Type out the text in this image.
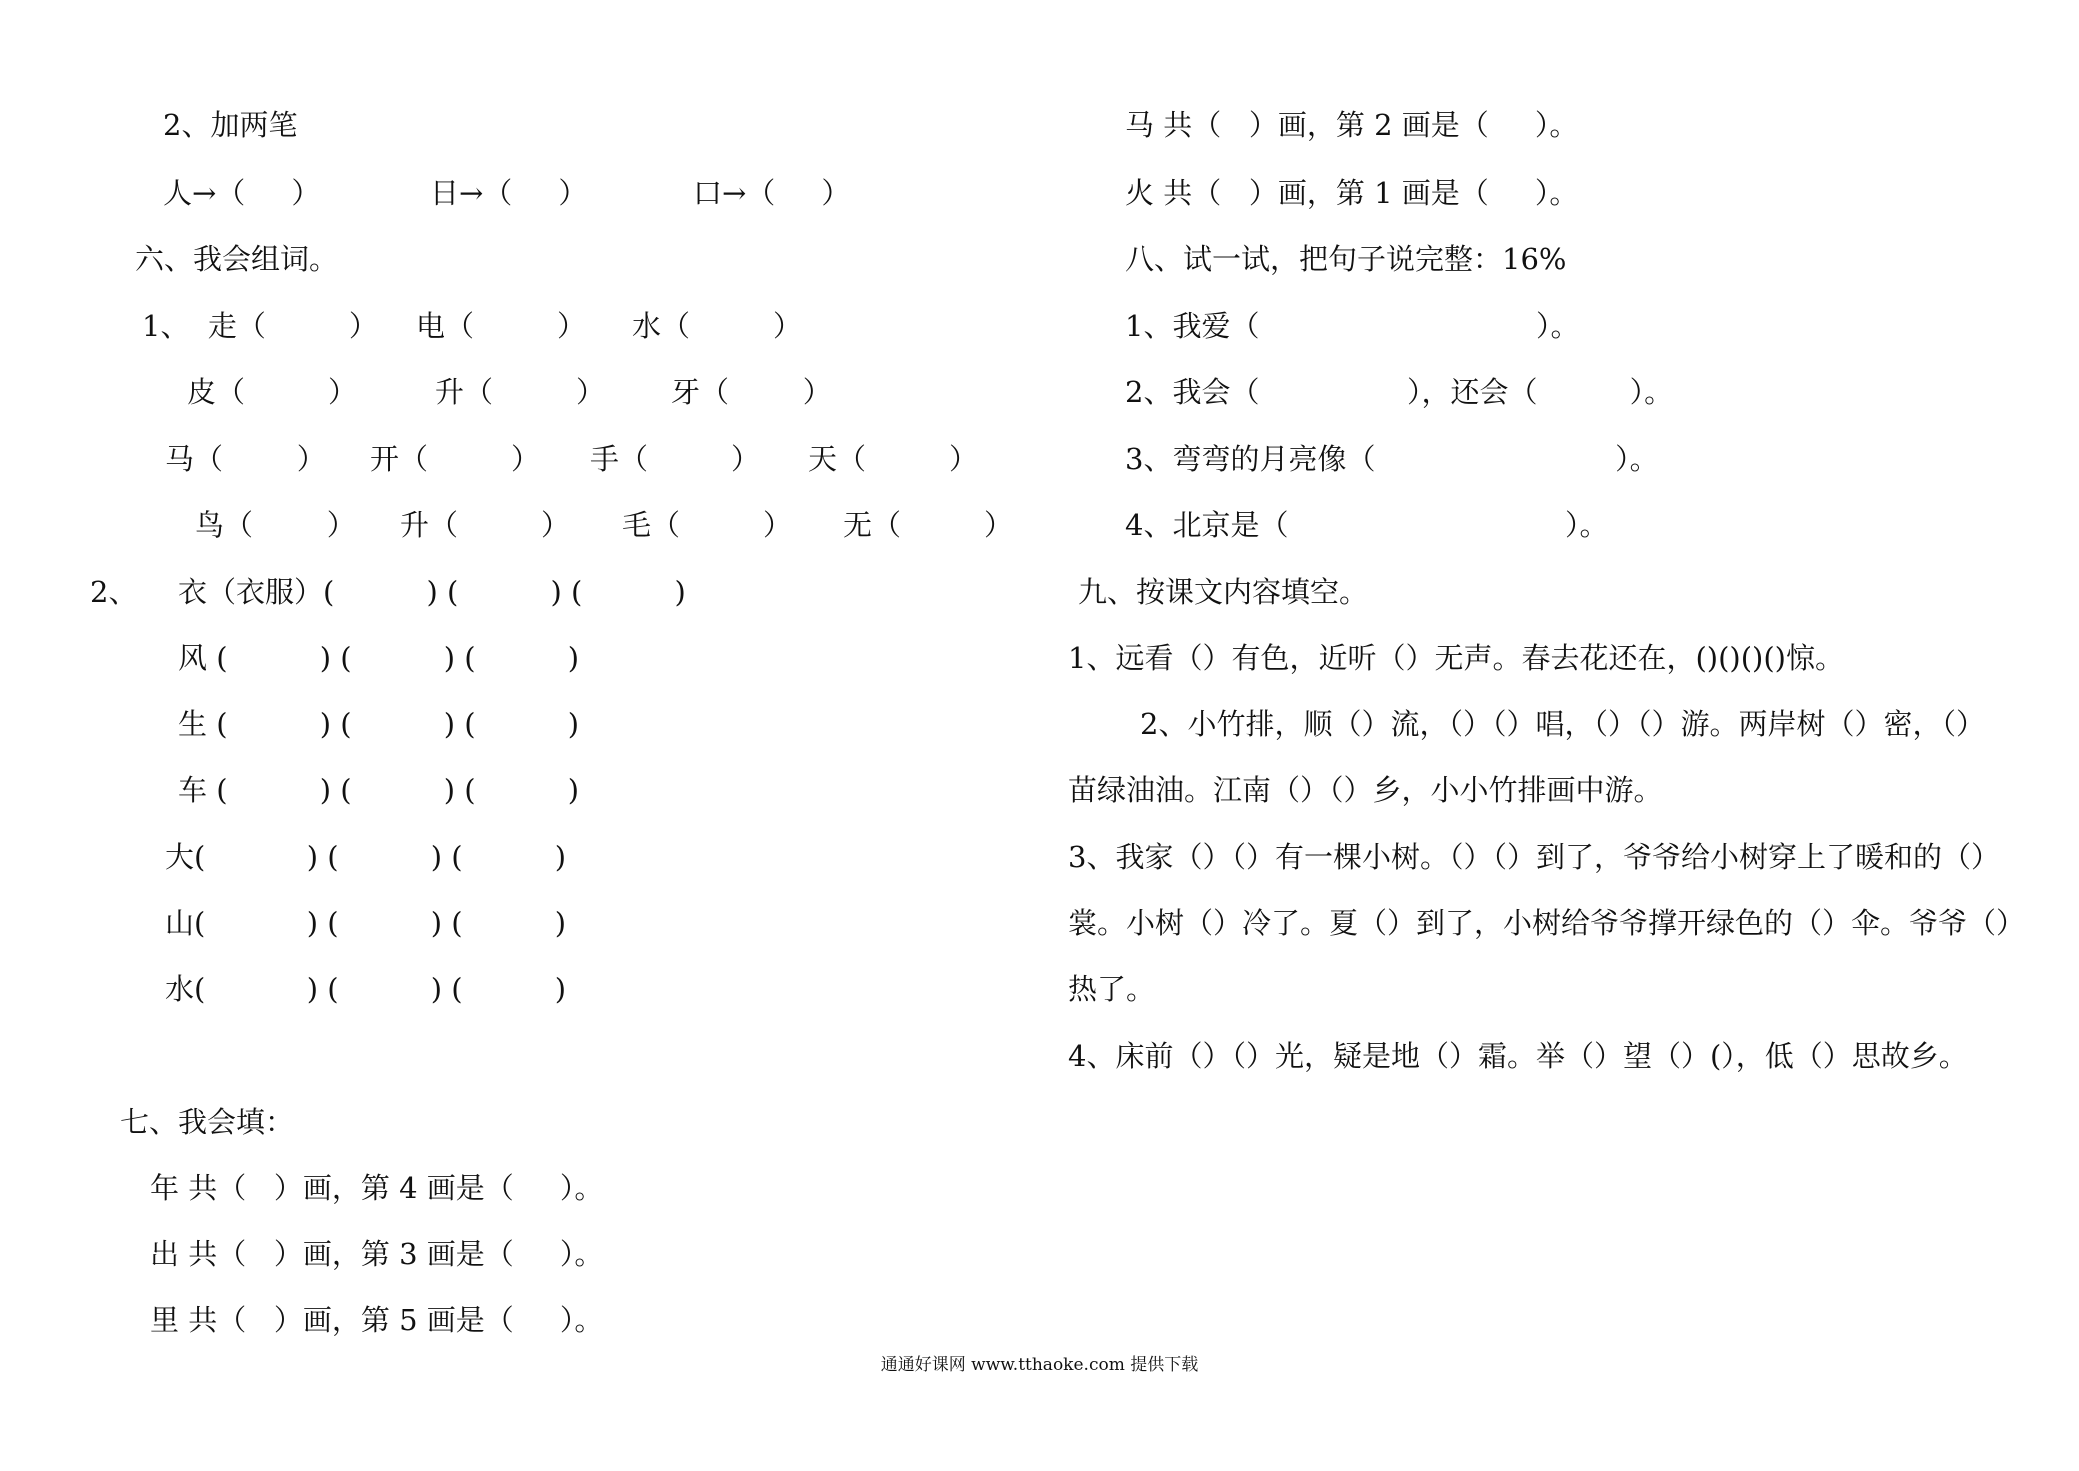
2、加两笔
人→（     ）	日→（     ）	口→（     ）
六、我会组词。
1、  走（         ） 电（         ） 水（         ）
皮（         ）	升（         ） 牙（        ）
马（        ） 开（         ） 手（         ） 天（         ）
鸟（        ） 升（         ） 毛（         ） 无（         ）
2、 衣（衣服）(          ) (          ) (          )
风 (          ) (          ) (          )
生 (          ) (          ) (          )
车 (          ) (          ) (          )
大(           ) (          ) (          )
山(           ) (          ) (          )
水(           ) (          ) (          )
七、我会填：
年 共（   ）画，第 4 画是（     ）。
出 共（   ）画，第 3 画是（     ）。
里 共（   ）画，第 5 画是（     ）。
马 共（   ）画，第 2 画是（     ）。
火 共（   ）画，第 1 画是（     ）。
八、试一试，把句子说完整：16%
1、我爱（                              ）。
2、我会（                ），还会（          ）。
3、弯弯的月亮像（                          ）。
4、北京是（                              ）。
九、按课文内容填空。
1、远看（）有色，近听（）无声。春去花还在，()()()()惊。
2、小竹排，顺（）流，（）（）唱，（）（）游。两岸树（）密，（）
苗绿油油。江南（）（）乡，小小竹排画中游。
3、我家（）（）有一棵小树。（）（）到了，爷爷给小树穿上了暖和的（）
裳。小树（）冷了。夏（）到了，小树给爷爷撑开绿色的（）伞。爷爷（）
热了。
4、床前（）（）光，疑是地（）霜。举（）望（）(），低（）思故乡。
通通好课网 www.tthaoke.com 提供下载
